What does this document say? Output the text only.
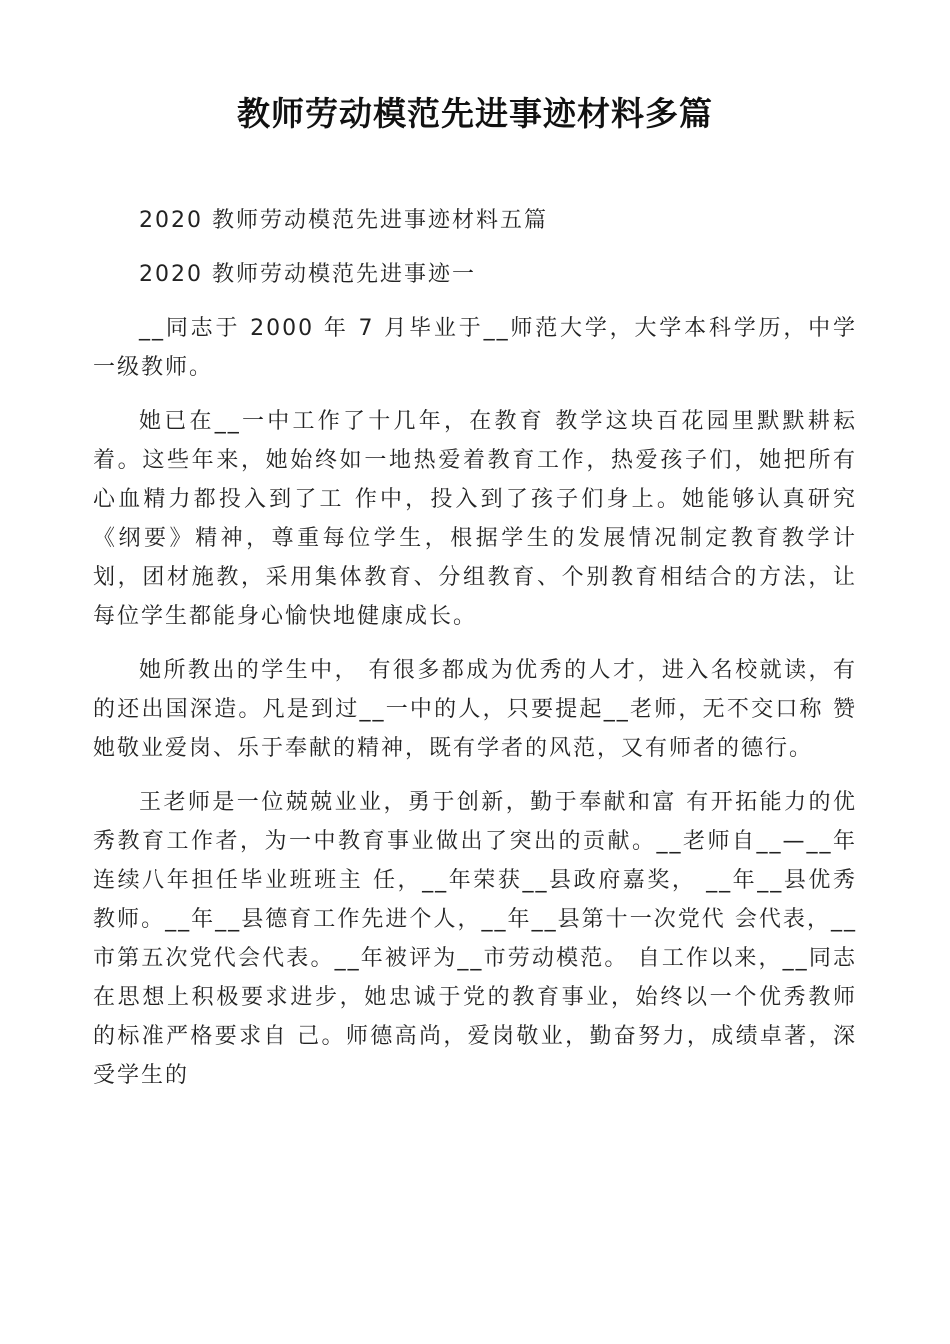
教师劳动模范先进事迹材料多篇

2020 教师劳动模范先进事迹材料五篇

2020 教师劳动模范先进事迹一

__同志于 2000 年 7 月毕业于__师范大学，大学本科学历，中学一级教师。

她已在__一中工作了十几年，在教育 教学这块百花园里默默耕耘着。这些年来，她始终如一地热爱着教育工作，热爱孩子们，她把所有心血精力都投入到了工 作中，投入到了孩子们身上。她能够认真研究《纲要》精神，尊重每位学生，根据学生的发展情况制定教育教学计划，团材施教，采用集体教育、分组教育、个别教育相结合的方法，让每位学生都能身心愉快地健康成长。

她所教出的学生中， 有很多都成为优秀的人才，进入名校就读，有的还出国深造。凡是到过__一中的人，只要提起__老师，无不交口称 赞她敬业爱岗、乐于奉献的精神，既有学者的风范，又有师者的德行。

王老师是一位兢兢业业，勇于创新，勤于奉献和富 有开拓能力的优秀教育工作者，为一中教育事业做出了突出的贡献。__老师自__—__年连续八年担任毕业班班主 任，__年荣获__县政府嘉奖， __年__县优秀教师。__年__县德育工作先进个人，__年__县第十一次党代 会代表，__市第五次党代会代表。__年被评为__市劳动模范。 自工作以来，__同志在思想上积极要求进步，她忠诚于党的教育事业，始终以一个优秀教师的标准严格要求自 己。师德高尚，爱岗敬业，勤奋努力，成绩卓著，深受学生的
